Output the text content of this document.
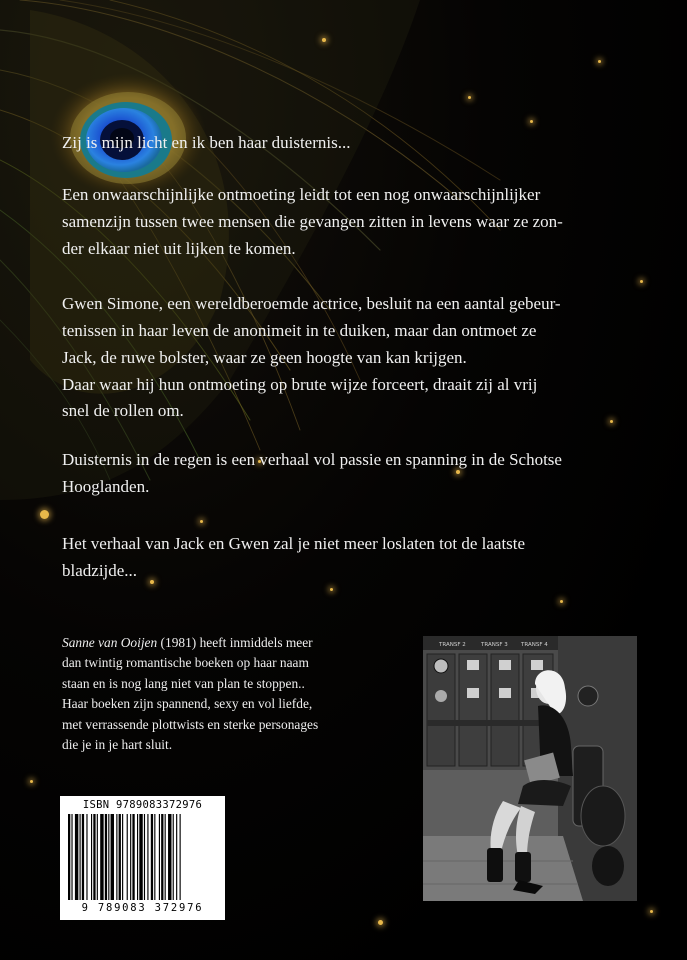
Zij is mijn licht en ik ben haar duisternis...

Een onwaarschijnlijke ontmoeting leidt tot een nog onwaarschijnlijker

samenzijn tussen twee mensen die gevangen zitten in levens waar ze zon-

der elkaar niet uit lijken te komen.

Gwen Simone, een wereldberoemde actrice, besluit na een aantal gebeur-

tenissen in haar leven de anonimeit in te duiken, maar dan ontmoet ze

Jack, de ruwe bolster, waar ze geen hoogte van kan krijgen.

Daar waar hij hun ontmoeting op brute wijze forceert, draait zij al vrij

snel de rollen om.

Duisternis in de regen is een verhaal vol passie en spanning in de Schotse

Hooglanden.

Het verhaal van Jack en Gwen zal je niet meer loslaten tot de laatste

bladzijde...

Sanne van Ooijen (1981) heeft inmiddels meer
dan twintig romantische boeken op haar naam
staan en is nog lang niet van plan te stoppen..
Haar boeken zijn spannend, sexy en vol liefde,
met verrassende plottwists en sterke personages
die je in je hart sluit.
TRANSF 2	TRANSF 3 TRANSF 4
ISBN 9789083372976
9 789083 372976
